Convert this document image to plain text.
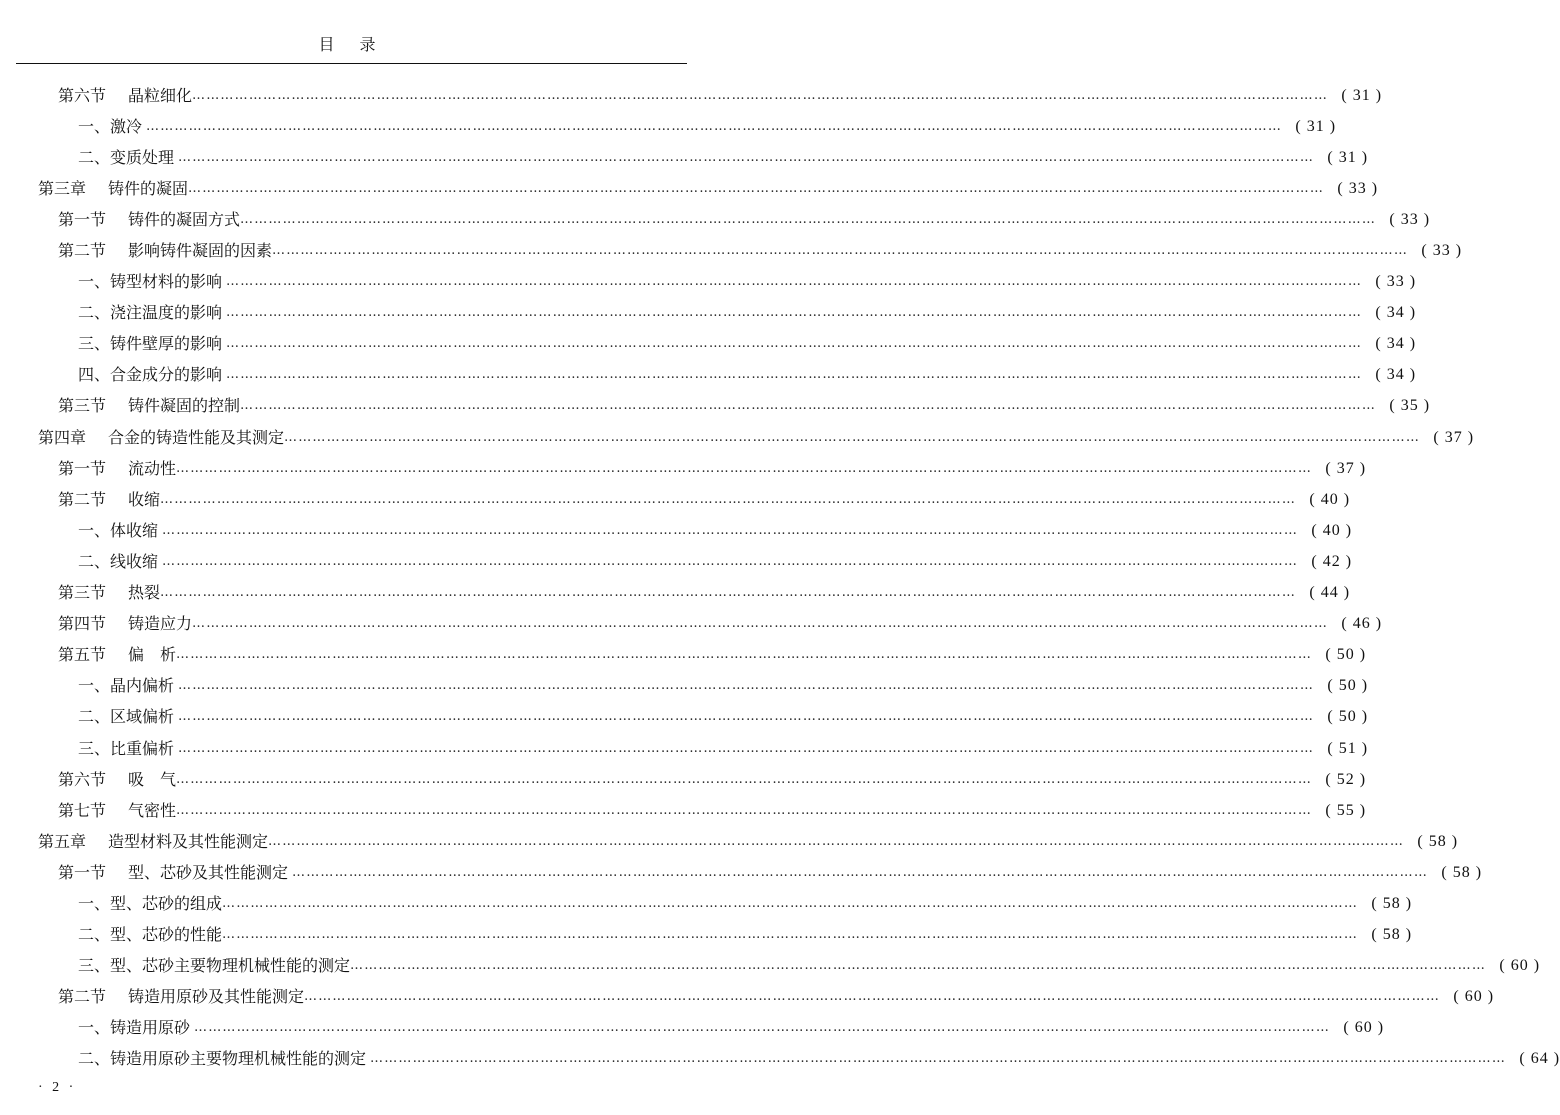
目 录
第六节 晶粒细化 …………………………………………………………………………………………………………………………………………………………………………………………………………………… ( 31 )
一、激冷 …………………………………………………………………………………………………………………………………………………………………………………………………………………… ( 31 )
二、变质处理 …………………………………………………………………………………………………………………………………………………………………………………………………………………… ( 31 )
第三章 铸件的凝固 …………………………………………………………………………………………………………………………………………………………………………………………………………………… ( 33 )
第一节 铸件的凝固方式 …………………………………………………………………………………………………………………………………………………………………………………………………………………… ( 33 )
第二节 影响铸件凝固的因素 …………………………………………………………………………………………………………………………………………………………………………………………………………………… ( 33 )
一、铸型材料的影响 …………………………………………………………………………………………………………………………………………………………………………………………………………………… ( 33 )
二、浇注温度的影响 …………………………………………………………………………………………………………………………………………………………………………………………………………………… ( 34 )
三、铸件壁厚的影响 …………………………………………………………………………………………………………………………………………………………………………………………………………………… ( 34 )
四、合金成分的影响 …………………………………………………………………………………………………………………………………………………………………………………………………………………… ( 34 )
第三节 铸件凝固的控制 …………………………………………………………………………………………………………………………………………………………………………………………………………………… ( 35 )
第四章 合金的铸造性能及其测定 …………………………………………………………………………………………………………………………………………………………………………………………………………………… ( 37 )
第一节 流动性 …………………………………………………………………………………………………………………………………………………………………………………………………………………… ( 37 )
第二节 收缩 …………………………………………………………………………………………………………………………………………………………………………………………………………………… ( 40 )
一、体收缩 …………………………………………………………………………………………………………………………………………………………………………………………………………………… ( 40 )
二、线收缩 …………………………………………………………………………………………………………………………………………………………………………………………………………………… ( 42 )
第三节 热裂 …………………………………………………………………………………………………………………………………………………………………………………………………………………… ( 44 )
第四节 铸造应力 …………………………………………………………………………………………………………………………………………………………………………………………………………………… ( 46 )
第五节 偏　析 …………………………………………………………………………………………………………………………………………………………………………………………………………………… ( 50 )
一、晶内偏析 …………………………………………………………………………………………………………………………………………………………………………………………………………………… ( 50 )
二、区域偏析 …………………………………………………………………………………………………………………………………………………………………………………………………………………… ( 50 )
三、比重偏析 …………………………………………………………………………………………………………………………………………………………………………………………………………………… ( 51 )
第六节 吸　气 …………………………………………………………………………………………………………………………………………………………………………………………………………………… ( 52 )
第七节 气密性 …………………………………………………………………………………………………………………………………………………………………………………………………………………… ( 55 )
第五章 造型材料及其性能测定 …………………………………………………………………………………………………………………………………………………………………………………………………………………… ( 58 )
第一节 型、芯砂及其性能测定 …………………………………………………………………………………………………………………………………………………………………………………………………………………… ( 58 )
一、型、芯砂的组成 …………………………………………………………………………………………………………………………………………………………………………………………………………………… ( 58 )
二、型、芯砂的性能 …………………………………………………………………………………………………………………………………………………………………………………………………………………… ( 58 )
三、型、芯砂主要物理机械性能的测定 …………………………………………………………………………………………………………………………………………………………………………………………………………………… ( 60 )
第二节 铸造用原砂及其性能测定 …………………………………………………………………………………………………………………………………………………………………………………………………………………… ( 60 )
一、铸造用原砂 …………………………………………………………………………………………………………………………………………………………………………………………………………………… ( 60 )
二、铸造用原砂主要物理机械性能的测定 …………………………………………………………………………………………………………………………………………………………………………………………………………………… ( 64 )
· 2 ·
